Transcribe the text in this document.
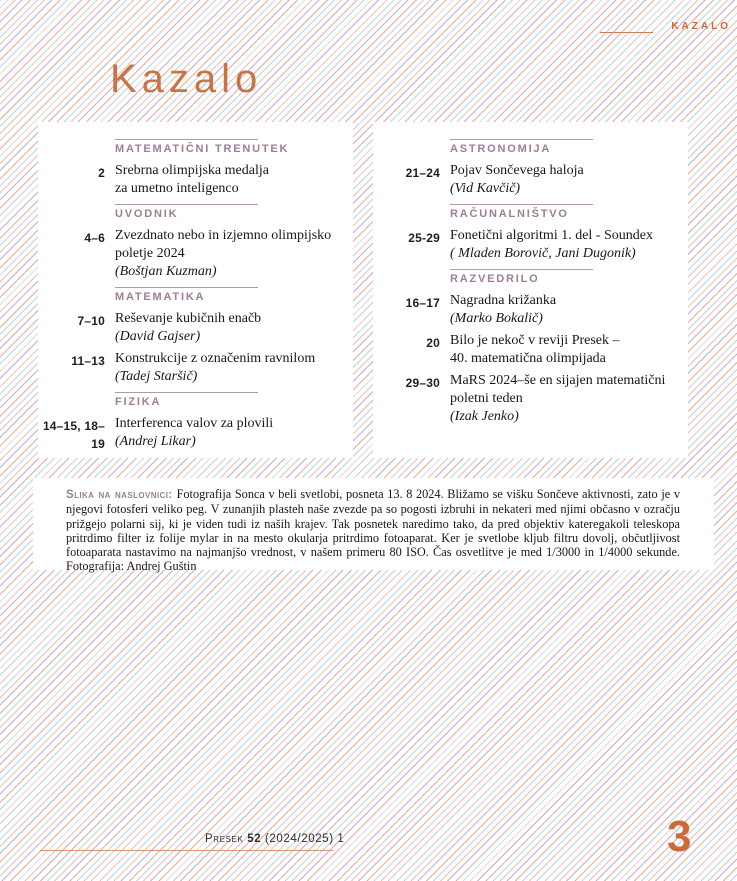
KAZALO
Kazalo
MATEMATIČNI TRENUTEK
2 Srebrna olimpijska medalja
za umetno inteligenco
UVODNIK
4–6 Zvezdnato nebo in izjemno olimpijsko
poletje 2024
(Boštjan Kuzman)
MATEMATIKA
7–10 Reševanje kubičnih enačb
(David Gajser)
11–13 Konstrukcije z označenim ravnilom
(Tadej Staršič)
FIZIKA
14–15, 18–19
Interferenca valov za plovili
(Andrej Likar)
ASTRONOMIJA
21–24 Pojav Sončevega haloja
(Vid Kavčič)
RAČUNALNIŠTVO
25-29 Fonetični algoritmi 1. del - Soundex
( Mladen Borovič, Jani Dugonik)
RAZVEDRILO
16–17 Nagradna križanka
(Marko Bokalič)
20 Bilo je nekoč v reviji Presek –
40. matematična olimpijada
29–30 MaRS 2024–še en sijajen matematični
poletni teden
(Izak Jenko)

Slika na naslovnici: Fotografija Sonca v beli svetlobi, posneta 13. 8 2024. Bližamo se višku Sončeve aktivnosti, zato je v njegovi fotosferi veliko peg. V zunanjih plasteh naše zvezde pa so pogosti izbruhi in nekateri med njimi občasno v ozračju prižgejo polarni sij, ki je viden tudi iz naših krajev. Tak posnetek naredimo tako, da pred objektiv kateregakoli teleskopa pritrdimo filter iz folije mylar in na mesto okularja pritrdimo fotoaparat. Ker je svetlobe kljub filtru dovolj, občutljivost fotoaparata nastavimo na najmanjšo vrednost, v našem primeru 80 ISO. Čas osvetlitve je med 1/3000 in 1/4000 sekunde. Fotografija: Andrej Guštin

Presek 52 (2024/2025) 1	3
